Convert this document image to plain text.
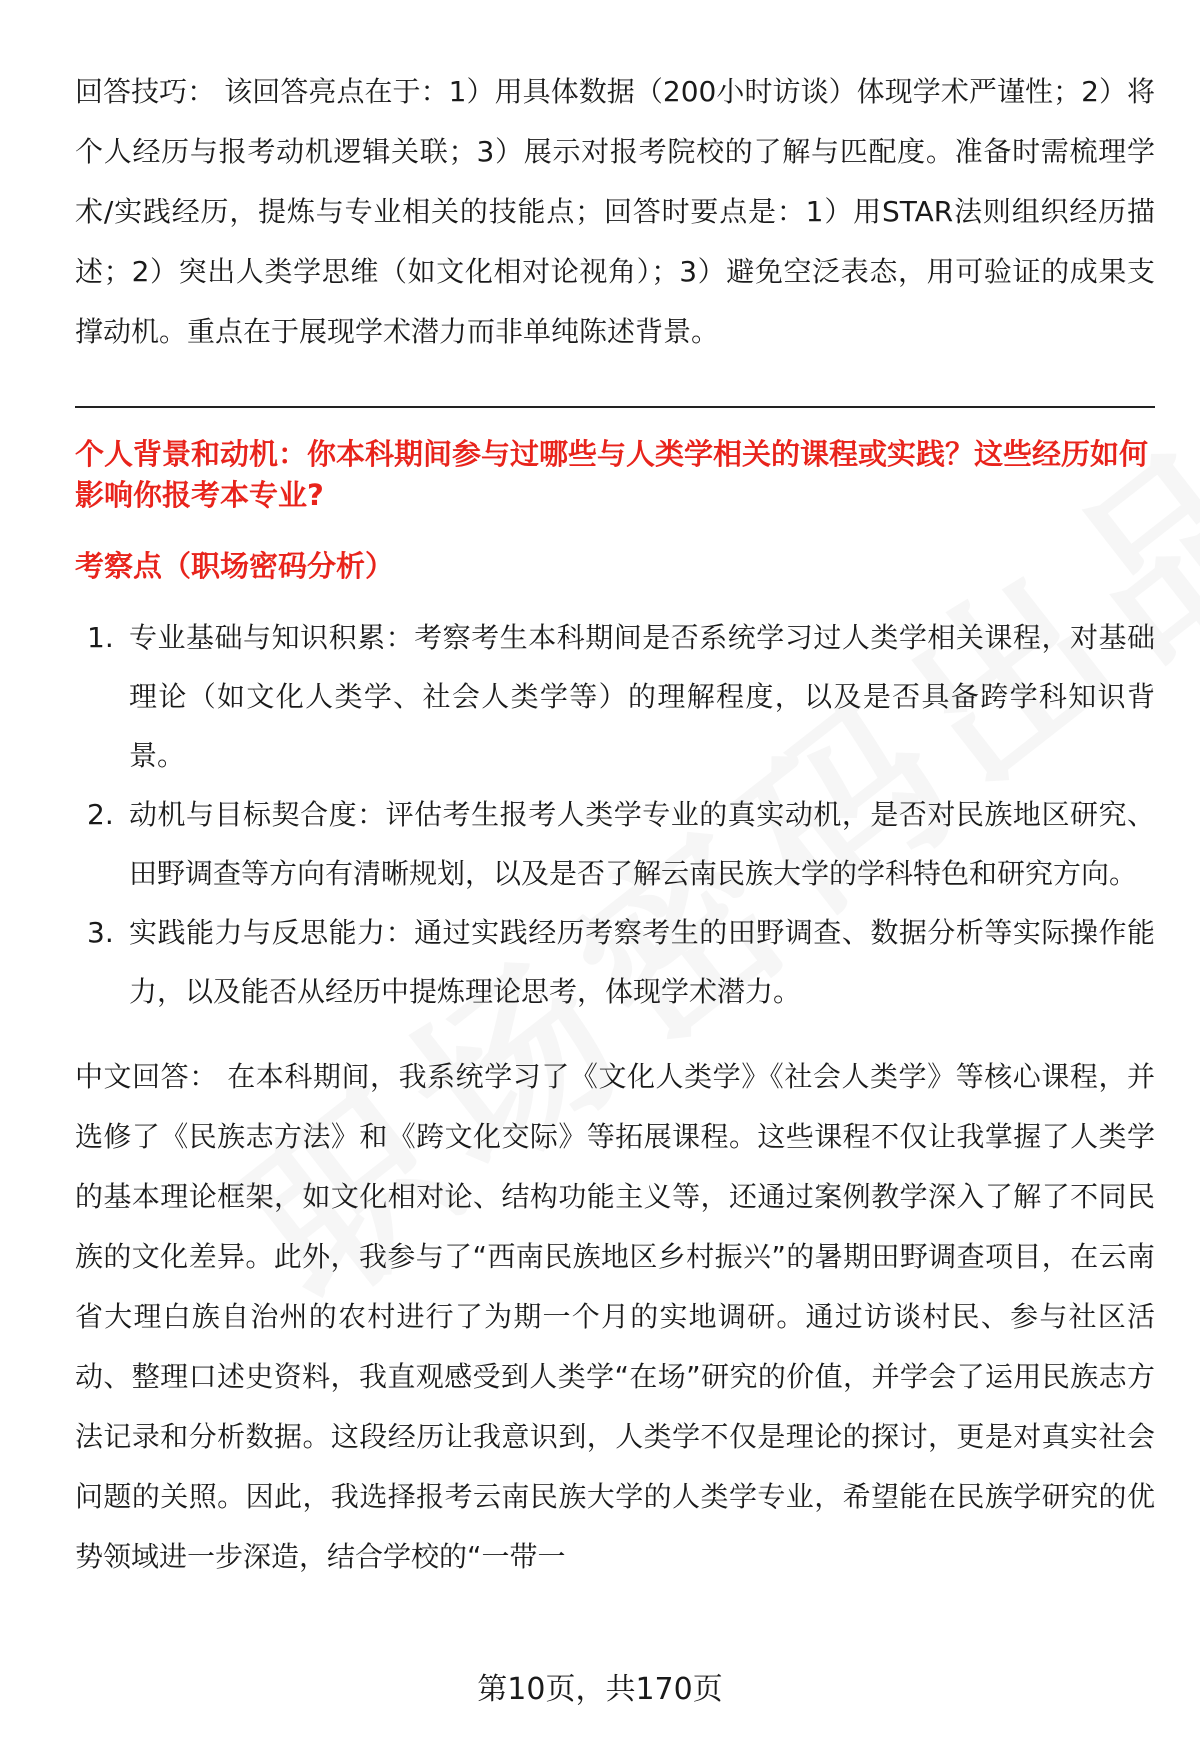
回答技巧： 该回答亮点在于：1）用具体数据（200小时访谈）体现学术严谨性；2）将个人经历与报考动机逻辑关联；3）展示对报考院校的了解与匹配度。准备时需梳理学术/实践经历，提炼与专业相关的技能点；回答时要点是：1）用STAR法则组织经历描述；2）突出人类学思维（如文化相对论视角）；3）避免空泛表态，用可验证的成果支撑动机。重点在于展现学术潜力而非单纯陈述背景。

个人背景和动机：你本科期间参与过哪些与人类学相关的课程或实践？这些经历如何影响你报考本专业?

考察点（职场密码分析）

1. 专业基础与知识积累：考察考生本科期间是否系统学习过人类学相关课程，对基础理论（如文化人类学、社会人类学等）的理解程度，以及是否具备跨学科知识背景。
2. 动机与目标契合度：评估考生报考人类学专业的真实动机，是否对民族地区研究、田野调查等方向有清晰规划，以及是否了解云南民族大学的学科特色和研究方向。
3. 实践能力与反思能力：通过实践经历考察考生的田野调查、数据分析等实际操作能力，以及能否从经历中提炼理论思考，体现学术潜力。

中文回答： 在本科期间，我系统学习了《文化人类学》《社会人类学》等核心课程，并选修了《民族志方法》和《跨文化交际》等拓展课程。这些课程不仅让我掌握了人类学的基本理论框架，如文化相对论、结构功能主义等，还通过案例教学深入了解了不同民族的文化差异。此外，我参与了“西南民族地区乡村振兴”的暑期田野调查项目，在云南省大理白族自治州的农村进行了为期一个月的实地调研。通过访谈村民、参与社区活动、整理口述史资料，我直观感受到人类学“在场”研究的价值，并学会了运用民族志方法记录和分析数据。这段经历让我意识到，人类学不仅是理论的探讨，更是对真实社会问题的关照。因此，我选择报考云南民族大学的人类学专业，希望能在民族学研究的优势领域进一步深造，结合学校的“一带一

第10页，共170页
